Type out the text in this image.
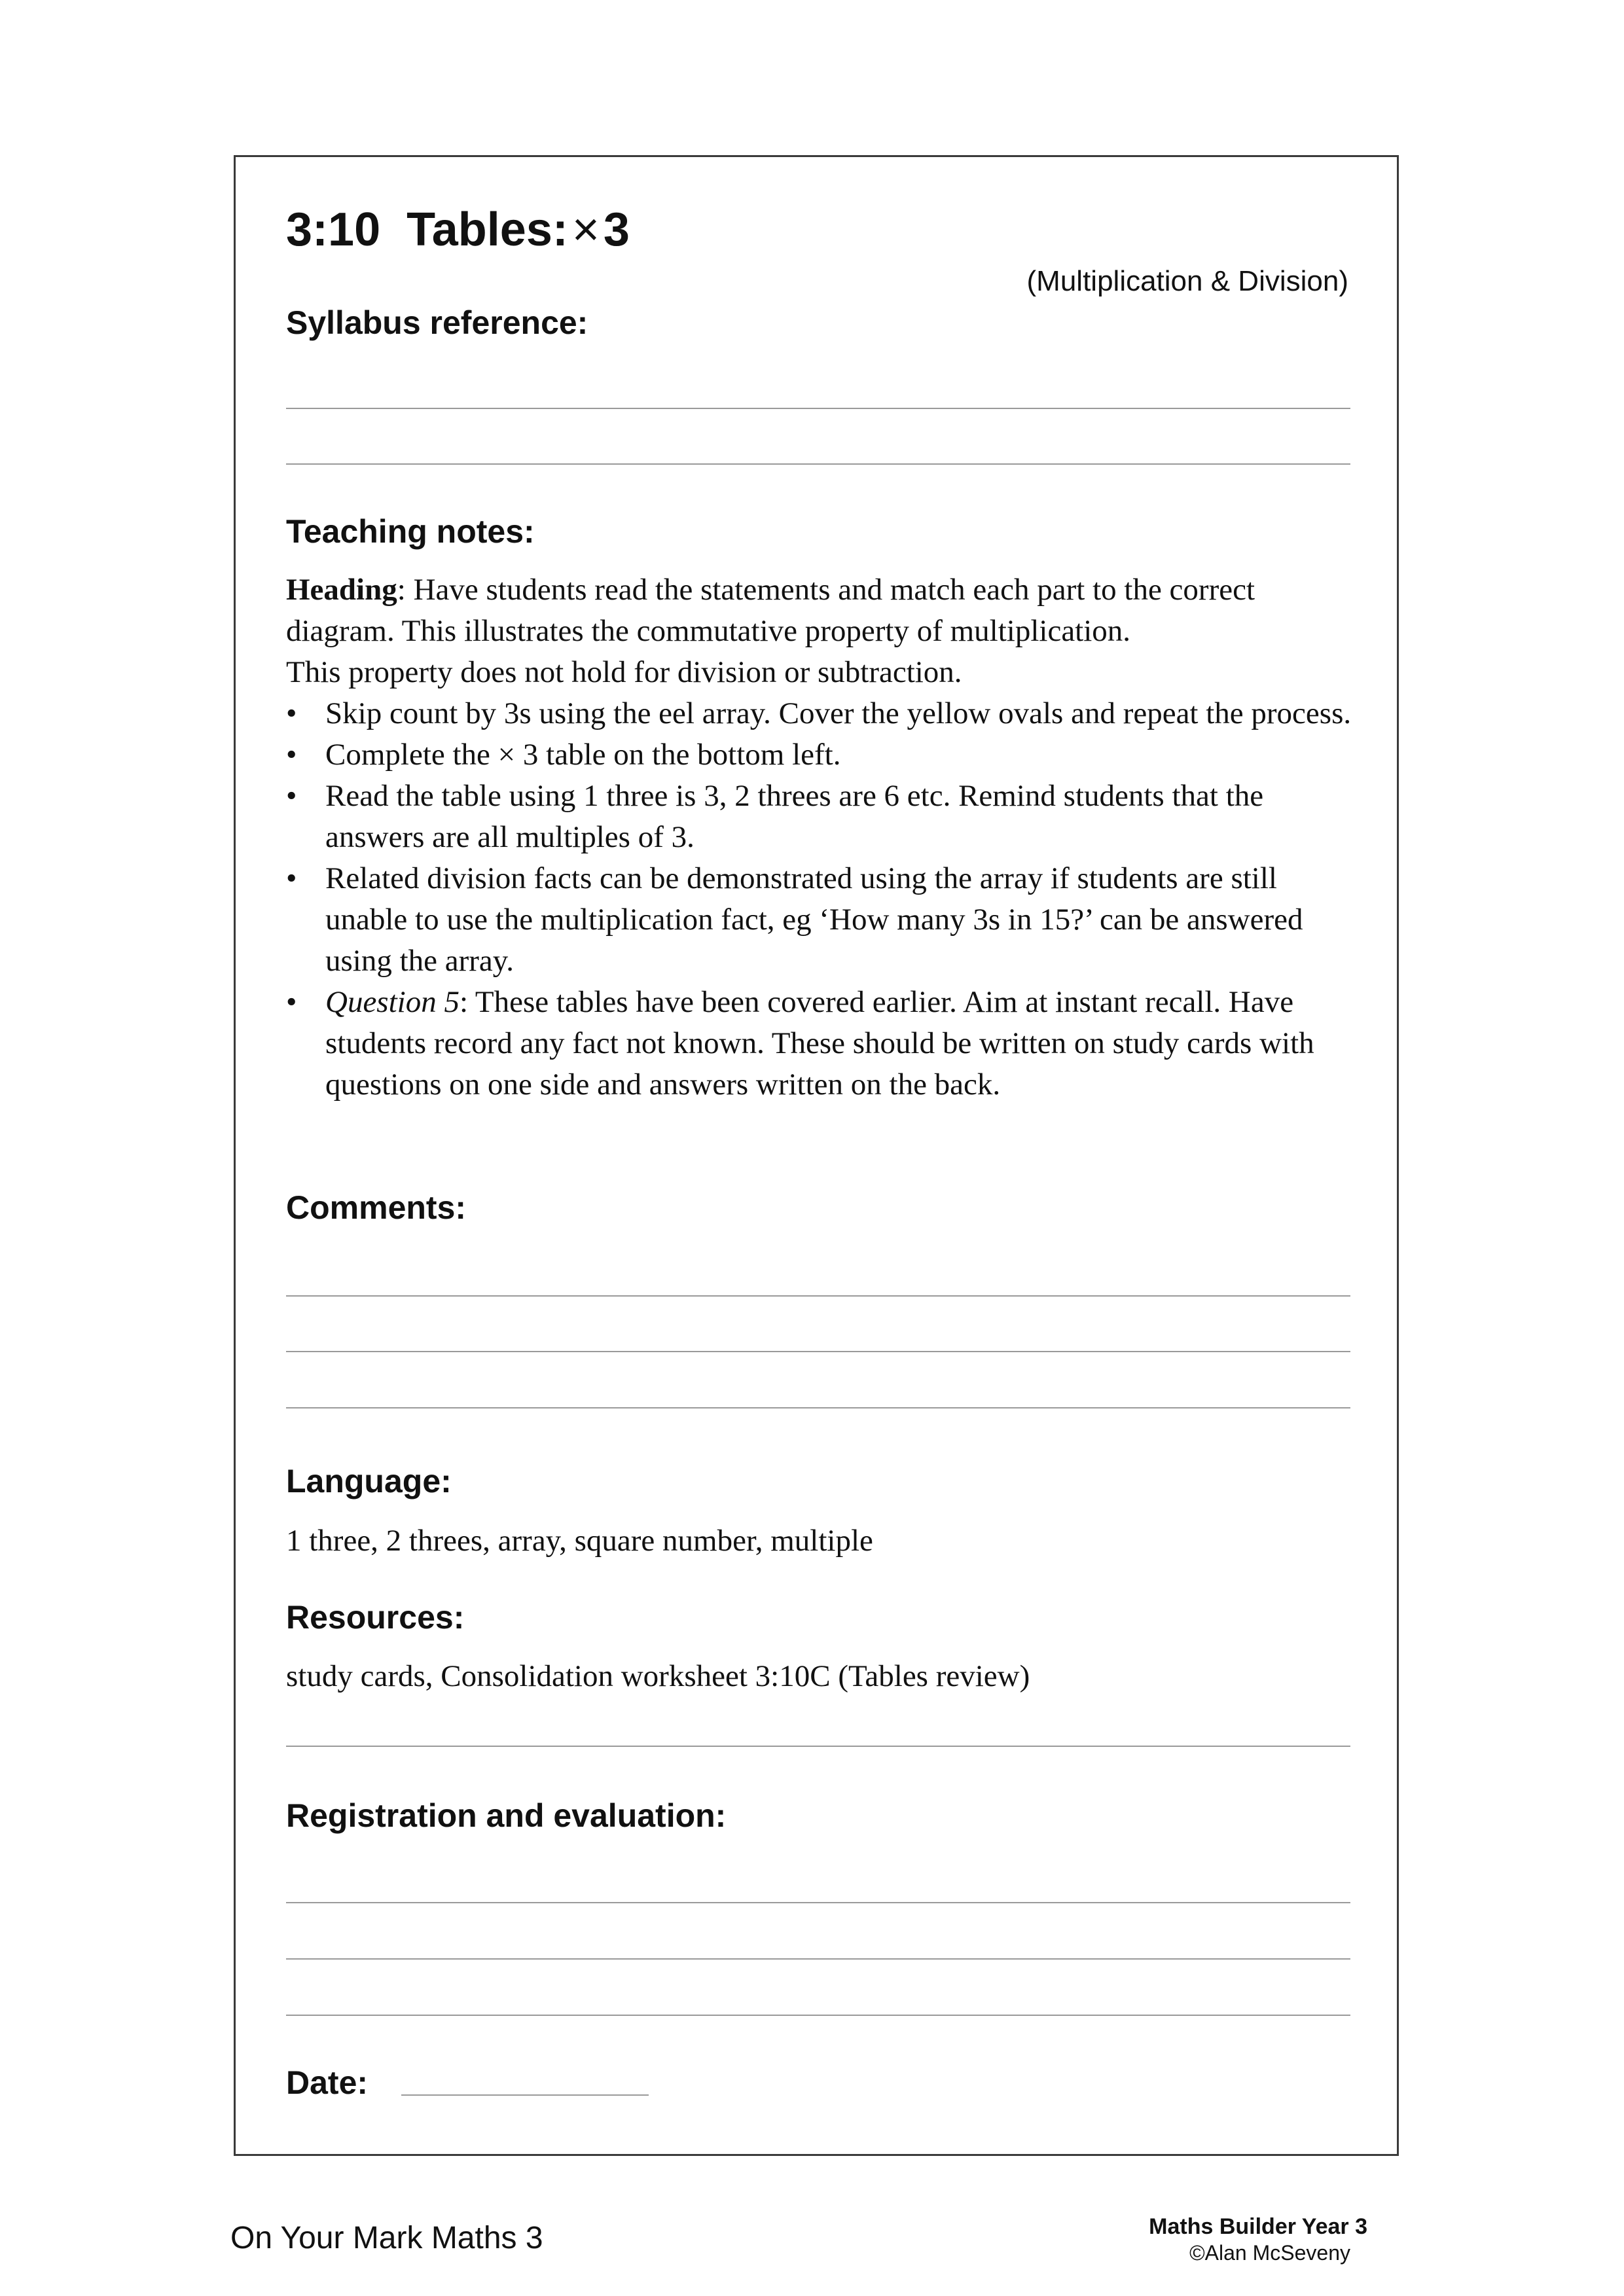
3:10 Tables:×3
(Multiplication & Division)
Syllabus reference:
Teaching notes:

Heading: Have students read the statements and match each part to the correct diagram. This illustrates the commutative property of multiplication.

This property does not hold for division or subtraction.

• Skip count by 3s using the eel array. Cover the yellow ovals and repeat the process.
• Complete the × 3 table on the bottom left.
• Read the table using 1 three is 3, 2 threes are 6 etc. Remind students that the answers are all multiples of 3.
• Related division facts can be demonstrated using the array if students are still unable to use the multiplication fact, eg ‘How many 3s in 15?’ can be answered using the array.
• Question 5: These tables have been covered earlier. Aim at instant recall. Have students record any fact not known. These should be written on study cards with questions on one side and answers written on the back.
Comments:
Language:
1 three, 2 threes, array, square number, multiple
Resources:
study cards, Consolidation worksheet 3:10C (Tables review)
Registration and evaluation:
Date:
On Your Mark Maths 3	Maths Builder Year 3
©Alan McSeveny
